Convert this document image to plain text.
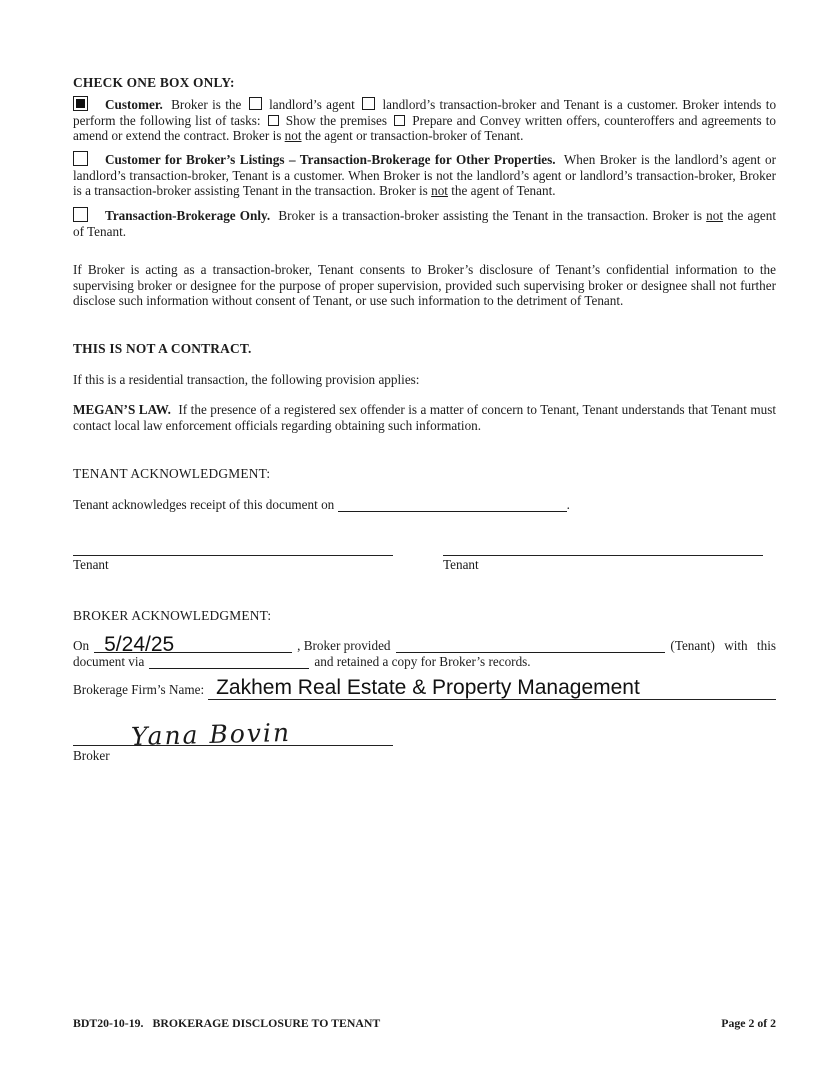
CHECK ONE BOX ONLY:

Customer. Broker is the landlord’s agent landlord’s transaction-broker and Tenant is a customer. Broker intends to perform the following list of tasks: Show the premises Prepare and Convey written offers, counteroffers and agreements to amend or extend the contract. Broker is not the agent or transaction-broker of Tenant.

Customer for Broker’s Listings – Transaction-Brokerage for Other Properties. When Broker is the landlord’s agent or landlord’s transaction-broker, Tenant is a customer. When Broker is not the landlord’s agent or landlord’s transaction-broker, Broker is a transaction-broker assisting Tenant in the transaction. Broker is not the agent of Tenant.

Transaction-Brokerage Only. Broker is a transaction-broker assisting the Tenant in the transaction. Broker is not the agent of Tenant.

If Broker is acting as a transaction-broker, Tenant consents to Broker’s disclosure of Tenant’s confidential information to the supervising broker or designee for the purpose of proper supervision, provided such supervising broker or designee shall not further disclose such information without consent of Tenant, or use such information to the detriment of Tenant.

THIS IS NOT A CONTRACT.
If this is a residential transaction, the following provision applies:

MEGAN’S LAW. If the presence of a registered sex offender is a matter of concern to Tenant, Tenant understands that Tenant must contact local law enforcement officials regarding obtaining such information.

TENANT ACKNOWLEDGMENT:
Tenant acknowledges receipt of this document on	.
Tenant	Tenant
BROKER ACKNOWLEDGMENT:
On 5/24/25	, Broker provided	(Tenant) with this
document via	and retained a copy for Broker’s records.
Brokerage Firm’s Name: Zakhem Real Estate & Property Management
Yana Bovin
Broker
BDT20-10-19. BROKERAGE DISCLOSURE TO TENANT	Page 2 of 2
